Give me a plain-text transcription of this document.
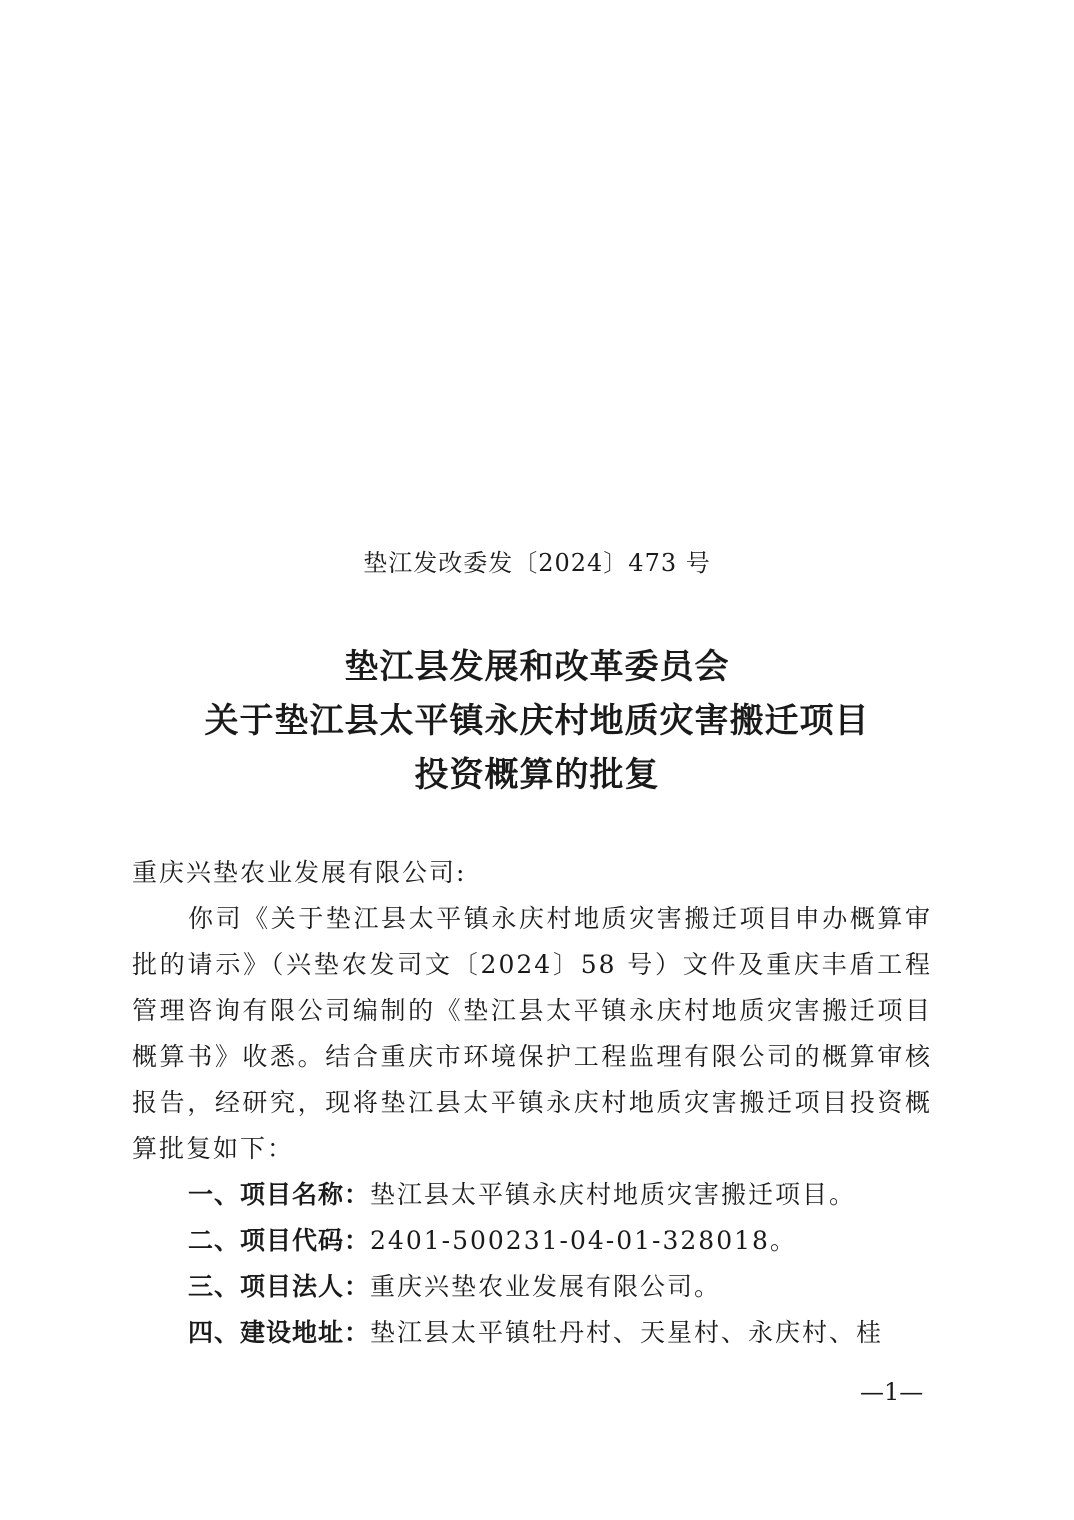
垫江发改委发〔2024〕473 号
垫江县发展和改革委员会
关于垫江县太平镇永庆村地质灾害搬迁项目
投资概算的批复
重庆兴垫农业发展有限公司:
你司《关于垫江县太平镇永庆村地质灾害搬迁项目申办概算审批的请示》（兴垫农发司文〔2024〕58 号）文件及重庆丰盾工程管理咨询有限公司编制的《垫江县太平镇永庆村地质灾害搬迁项目概算书》收悉。结合重庆市环境保护工程监理有限公司的概算审核报告，经研究，现将垫江县太平镇永庆村地质灾害搬迁项目投资概算批复如下：
一、项目名称：垫江县太平镇永庆村地质灾害搬迁项目。
二、项目代码：2401-500231-04-01-328018。
三、项目法人：重庆兴垫农业发展有限公司。
四、建设地址：垫江县太平镇牡丹村、天星村、永庆村、桂
—1—
